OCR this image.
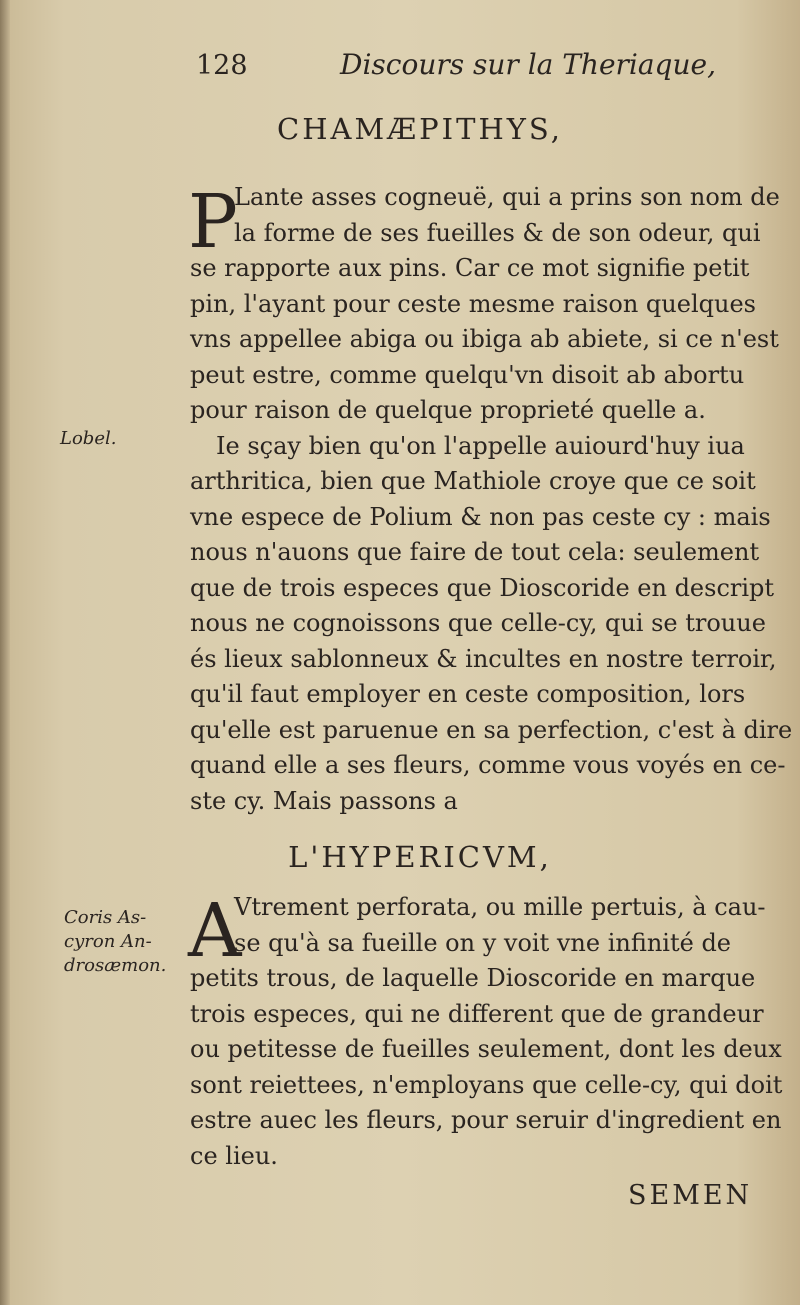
128	Discours sur la Theriaque,
CHAMÆPITHYS,
P
Lante asses cogneuë, qui a prins son nom de
la forme de ses fueilles & de son odeur, qui
se rapporte aux pins. Car ce mot signifie petit
pin, l'ayant pour ceste mesme raison quelques
vns appellee abiga ou ibiga ab abiete, si ce n'est
peut estre, comme quelqu'vn disoit ab abortu
pour raison de quelque proprieté quelle a.
Ie sçay bien qu'on l'appelle auiourd'huy iua
arthritica, bien que Mathiole croye que ce soit
vne espece de Polium & non pas ceste cy : mais
nous n'auons que faire de tout cela: seulement
que de trois especes que Dioscoride en descript
nous ne cognoissons que celle-cy, qui se trouue
és lieux sablonneux & incultes en nostre terroir,
qu'il faut employer en ceste composition, lors
qu'elle est paruenue en sa perfection, c'est à dire
quand elle a ses fleurs, comme vous voyés en ce-
ste cy. Mais passons a
Lobel.
L'HYPERICVM,
Coris As-
cyron An-
drosæmon. A
Vtrement perforata, ou mille pertuis, à cau-
se qu'à sa fueille on y voit vne infinité de
petits trous, de laquelle Dioscoride en marque
trois especes, qui ne different que de grandeur
ou petitesse de fueilles seulement, dont les deux
sont reiettees, n'employans que celle-cy, qui doit
estre auec les fleurs, pour seruir d'ingredient en
ce lieu.
SEMEN
